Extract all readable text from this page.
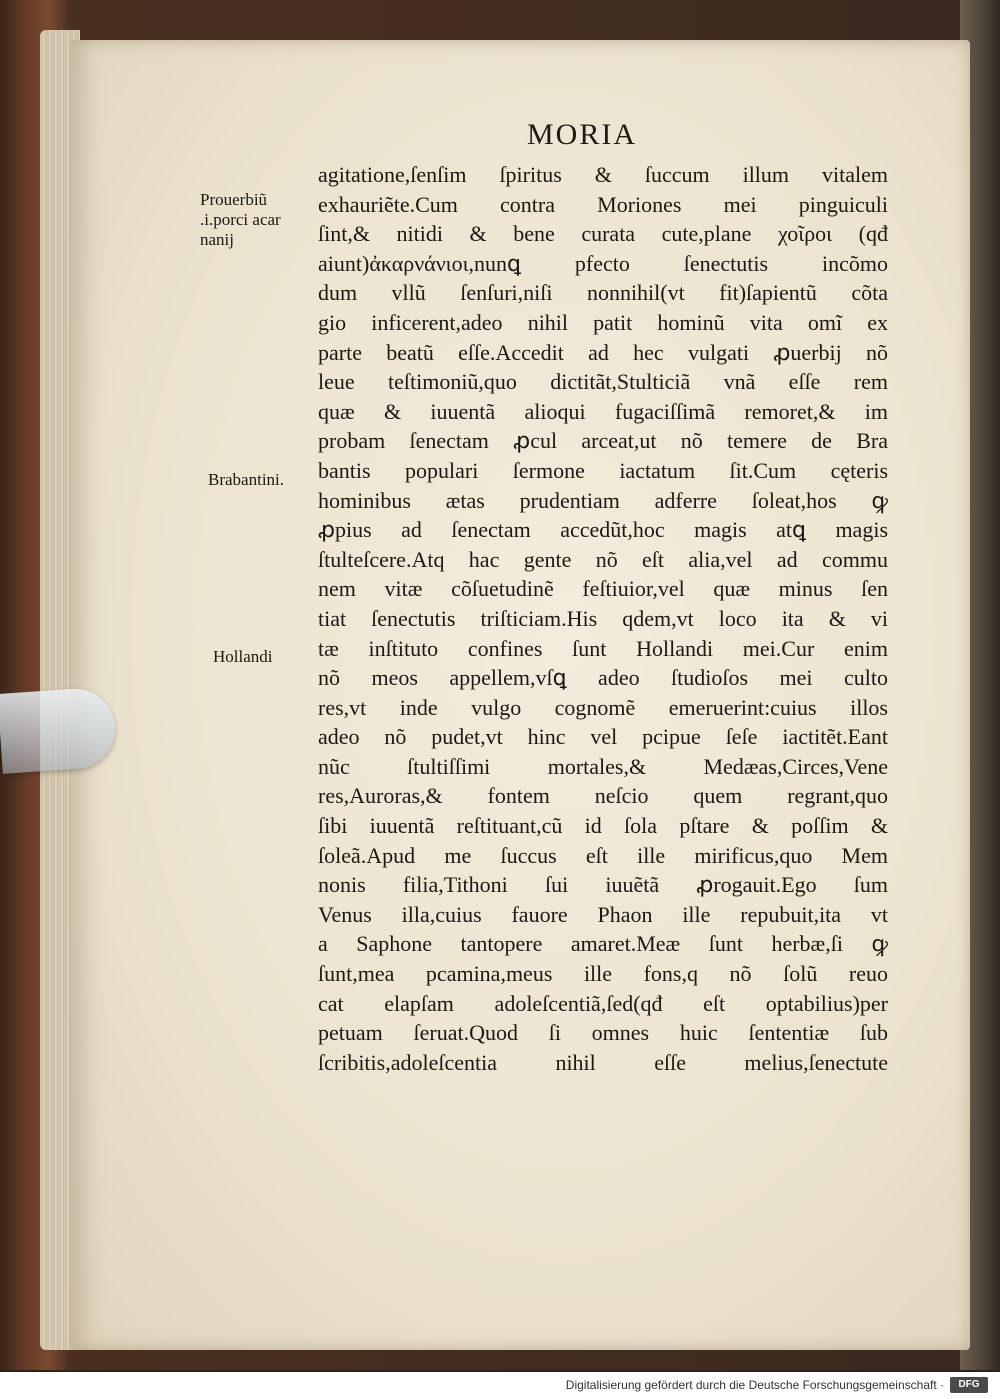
MORIA
Prouerbiũ
.i.porci acar
nanij
Brabantini.
Hollandi
agitatione,ſenſim ſpiritus & ſuccum illum vitalem
exhauriẽte.Cum contra Moriones mei pinguiculi
ſint,& nitidi & bene curata cute,plane χοῖροι (qđ
aiunt)ἀκαρνάνιοι,nunꝗ pfecto ſenectutis incõmo
dum vllũ ſenſuri,niſi nonnihil(vt fit)ſapientũ cõta
gio inficerent,adeo nihil patit hominũ vita omĩ ex
parte beatũ eſſe.Accedit ad hec vulgati ꝓuerbij nõ
leue teſtimoniũ,quo dictitãt,Stulticiã vnã eſſe rem
quæ & iuuentã alioqui fugaciſſimã remoret,& im
probam ſenectam ꝓcul arceat,ut nõ temere de Bra
bantis populari ſermone iactatum ſit.Cum cęteris
hominibus ætas prudentiam adferre ſoleat,hos ꝙ
ꝓpius ad ſenectam accedũt,hoc magis atꝗ magis
ſtulteſcere.Atq hac gente nõ eſt alia,vel ad commu
nem vitæ cõſuetudinẽ feſtiuior,vel quæ minus ſen
tiat ſenectutis triſticiam.His qdem,vt loco ita & vi
tæ inſtituto confines ſunt Hollandi mei.Cur enim
nõ meos appellem,vſꝗ adeo ſtudioſos mei culto
res,vt inde vulgo cognomẽ emeruerint:cuius illos
adeo nõ pudet,vt hinc vel pcipue ſeſe iactitẽt.Eant
nũc ſtultiſſimi mortales,& Medæas,Circes,Vene
res,Auroras,& fontem neſcio quem regrant,quo
ſibi iuuentã reſtituant,cũ id ſola pſtare & poſſim &
ſoleã.Apud me ſuccus eſt ille mirificus,quo Mem
nonis filia,Tithoni ſui iuuẽtã ꝓrogauit.Ego ſum
Venus illa,cuius fauore Phaon ille repubuit,ita vt
a Saphone tantopere amaret.Meæ ſunt herbæ,ſi ꝙ
ſunt,mea pcamina,meus ille fons,q nõ ſolũ reuo
cat elapſam adoleſcentiã,ſed(qđ eſt optabilius)per
petuam ſeruat.Quod ſi omnes huic ſententiæ ſub
ſcribitis,adoleſcentia nihil eſſe melius,ſenectute
Digitalisierung gefördert durch die Deutsche Forschungsgemeinschaft ·	DFG
